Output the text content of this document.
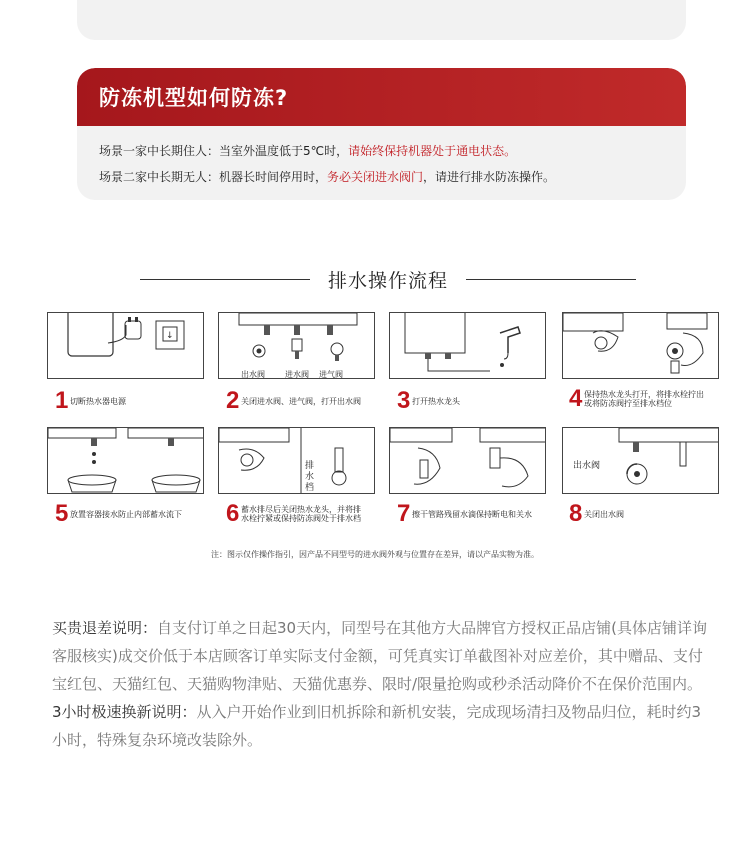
防冻机型如何防冻?
场景一家中长期住人：当室外温度低于5℃时，请始终保持机器处于通电状态。
场景二家中长期无人：机器长时间停用时，务必关闭进水阀门，请进行排水防冻操作。
排水操作流程
↓
出水阀	进水阀 进气阀
1 切断热水器电源	2 关闭进水阀、进气阀，打开出水阀 3 打开热水龙头	4 保持热水龙头打开，将排水栓拧出
或将防冻阀拧至排水档位
排
水
档
出水阀
5 放置容器接水防止内部蓄水流下 6 蓄水排尽后关闭热水龙头，并将排
水栓拧紧或保持防冻阀处于排水档 7 擦干管路残留水滴保持断电和关水 8 关闭出水阀
注：图示仅作操作指引，因产品不同型号的进水阀外观与位置存在差异，请以产品实物为准。

买贵退差说明：自支付订单之日起30天内，同型号在其他方大品牌官方授权正品店铺(具体店铺详询客服核实)成交价低于本店顾客订单实际支付金额，可凭真实订单截图补对应差价，其中赠品、支付宝红包、天猫红包、天猫购物津贴、天猫优惠券、限时/限量抢购或秒杀活动降价不在保价范围内。

3小时极速换新说明：从入户开始作业到旧机拆除和新机安装，完成现场清扫及物品归位，耗时约3小时，特殊复杂环境改装除外。
